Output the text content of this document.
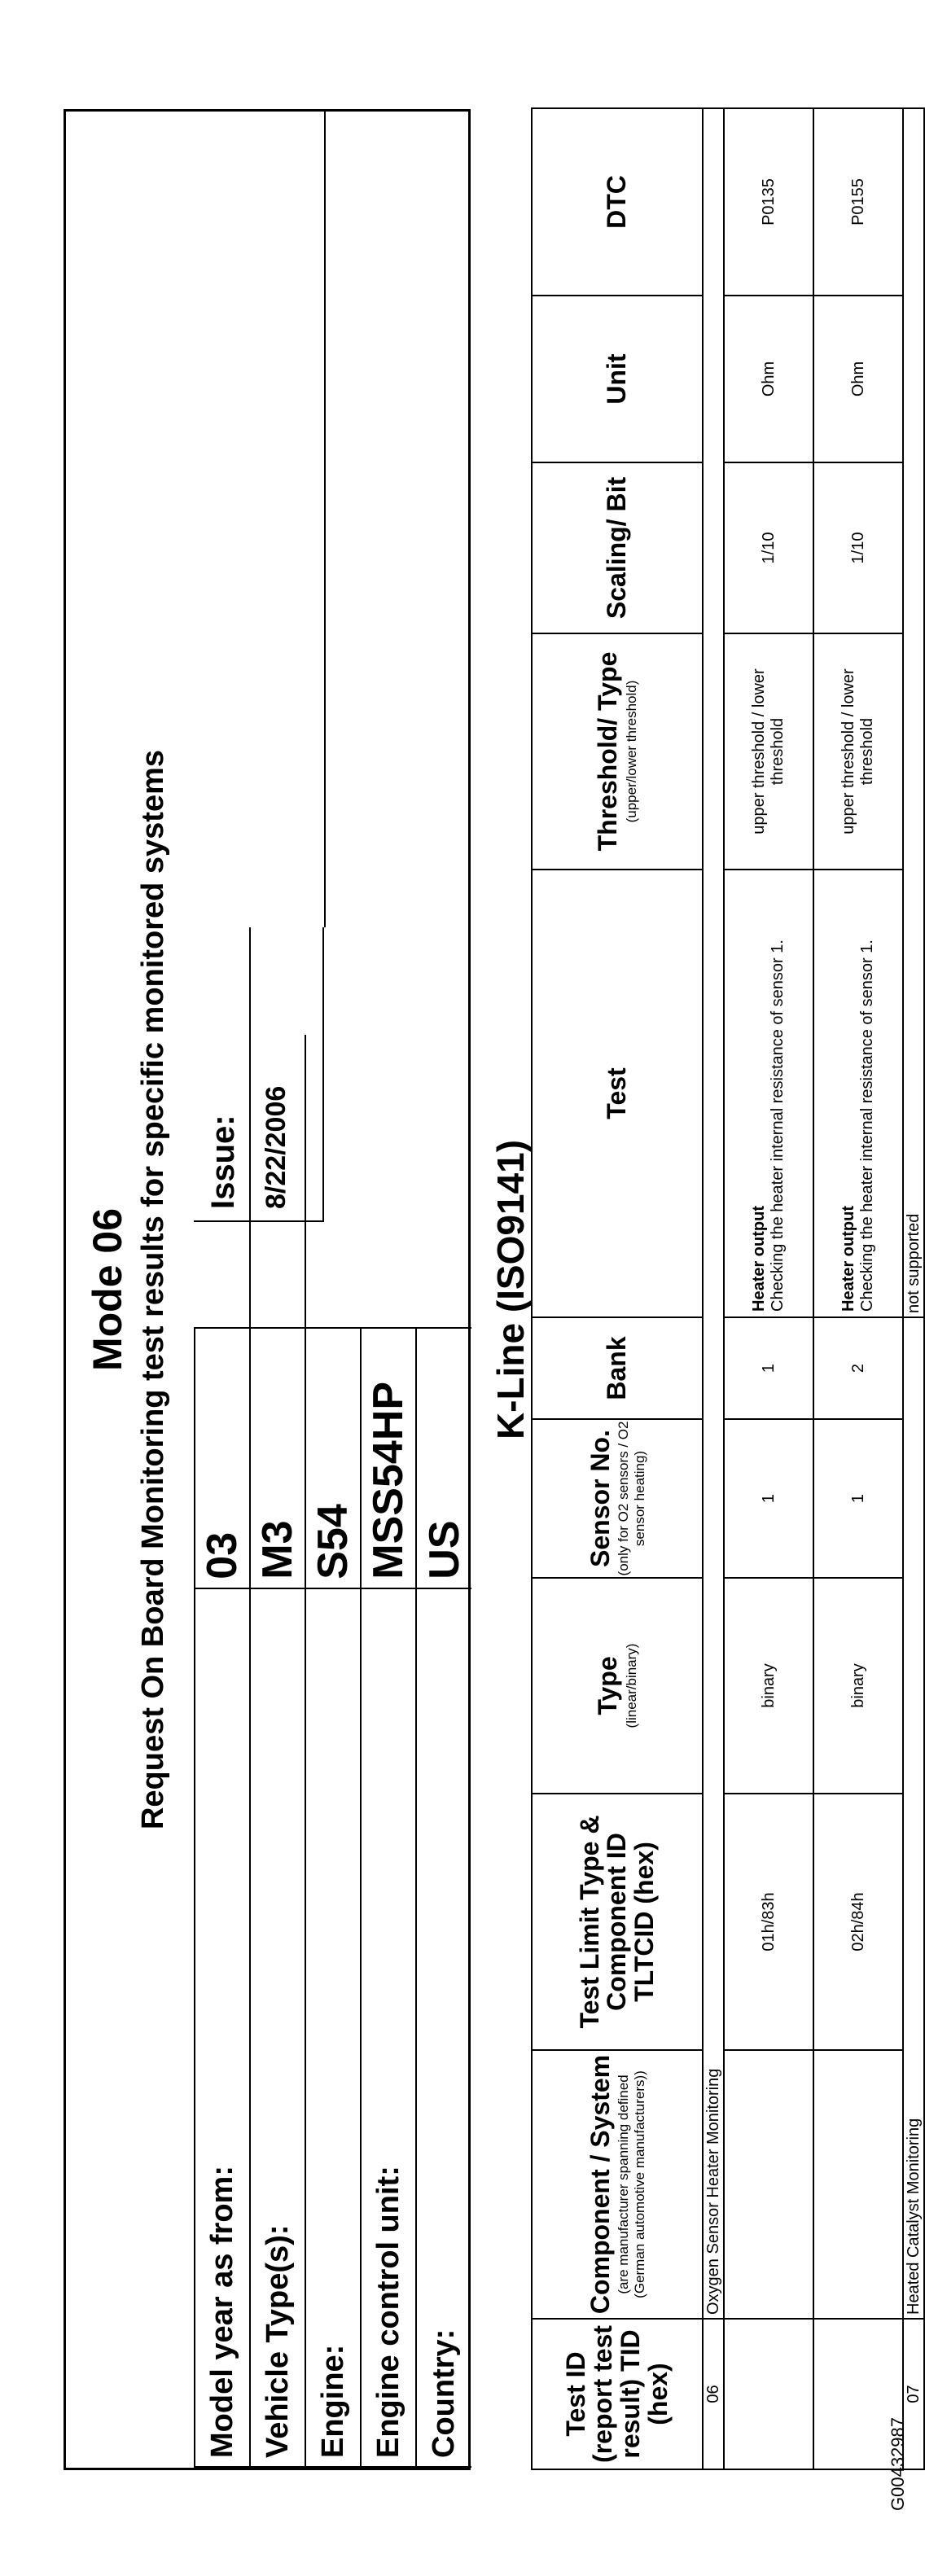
Mode 06 Request On Board Monitoring test results for specific monitored systems
Model year as from:	03	
Vehicle Type(s):	M3	
Engine:	S54	
Engine control unit:	MSS54HP	
Country:	US	
Issue: 8/22/2006	K-Line (ISO9141)
Test ID (report test result) TID (hex)	Component / System (are manufacturer spanning defined (German automotive manufacturers))	Test Limit Type & Component ID TLTCID (hex)	Type (linear/binary)	Sensor No. (only for O2 sensors / O2 sensor heating)	Bank	Test	Threshold/ Type (upper/lower threshold)	Scaling/ Bit	Unit	DTC
06	Oxygen Sensor Heater Monitoring									
		01h/83h	binary	1	1	Heater output Checking the heater internal resistance of sensor 1.	upper threshold / lower threshold	1/10	Ohm	P0135
		02h/84h	binary	1	2	Heater output Checking the heater internal resistance of sensor 1.	upper threshold / lower threshold	1/10	Ohm	P0155
07	Heated Catalyst Monitoring					not supported				
G00432987
